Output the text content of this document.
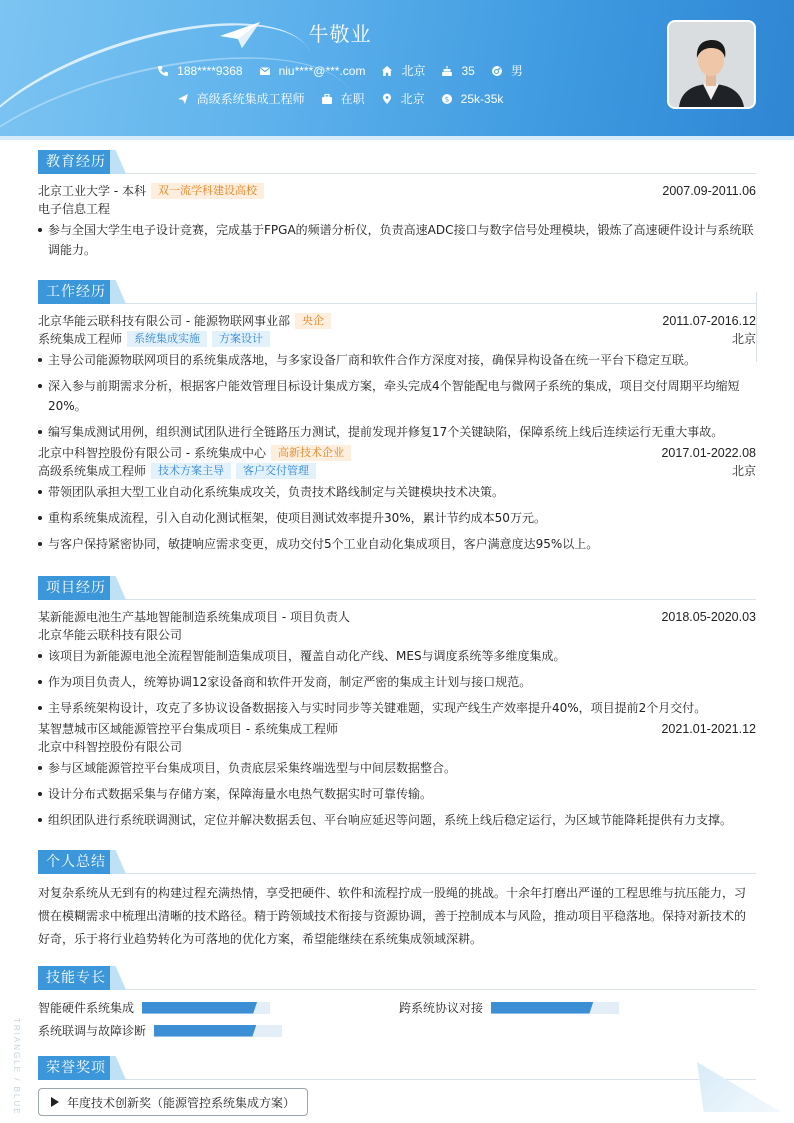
牛敬业
188****9368	niu****@***.com	北京	35	男
高级系统集成工程师	在职	北京	$ 25k-35k
教育经历
北京工业大学 - 本科	双一流学科建设高校	2007.09-2011.06
电子信息工程
参与全国大学生电子设计竞赛，完成基于FPGA的频谱分析仪，负责高速ADC接口与数字信号处理模块，锻炼了高速硬件设计与系统联调能力。
工作经历
北京华能云联科技有限公司 - 能源物联网事业部	央企	2011.07-2016.12
系统集成工程师	系统集成实施	方案设计	北京
主导公司能源物联网项目的系统集成落地，与多家设备厂商和软件合作方深度对接，确保异构设备在统一平台下稳定互联。
深入参与前期需求分析，根据客户能效管理目标设计集成方案，牵头完成4个智能配电与微网子系统的集成，项目交付周期平均缩短20%。
编写集成测试用例，组织测试团队进行全链路压力测试，提前发现并修复17个关键缺陷，保障系统上线后连续运行无重大事故。
北京中科智控股份有限公司 - 系统集成中心	高新技术企业	2017.01-2022.08
高级系统集成工程师	技术方案主导	客户交付管理	北京
带领团队承担大型工业自动化系统集成攻关，负责技术路线制定与关键模块技术决策。
重构系统集成流程，引入自动化测试框架，使项目测试效率提升30%，累计节约成本50万元。
与客户保持紧密协同，敏捷响应需求变更，成功交付5个工业自动化集成项目，客户满意度达95%以上。
项目经历
某新能源电池生产基地智能制造系统集成项目 - 项目负责人	2018.05-2020.03
北京华能云联科技有限公司
该项目为新能源电池全流程智能制造集成项目，覆盖自动化产线、MES与调度系统等多维度集成。
作为项目负责人，统筹协调12家设备商和软件开发商，制定严密的集成主计划与接口规范。
主导系统架构设计，攻克了多协议设备数据接入与实时同步等关键难题，实现产线生产效率提升40%，项目提前2个月交付。
某智慧城市区域能源管控平台集成项目 - 系统集成工程师	2021.01-2021.12
北京中科智控股份有限公司
参与区域能源管控平台集成项目，负责底层采集终端选型与中间层数据整合。
设计分布式数据采集与存储方案，保障海量水电热气数据实时可靠传输。
组织团队进行系统联调测试，定位并解决数据丢包、平台响应延迟等问题，系统上线后稳定运行，为区域节能降耗提供有力支撑。
个人总结

对复杂系统从无到有的构建过程充满热情，享受把硬件、软件和流程拧成一股绳的挑战。十余年打磨出严谨的工程思维与抗压能力，习惯在模糊需求中梳理出清晰的技术路径。精于跨领域技术衔接与资源协调，善于控制成本与风险，推动项目平稳落地。保持对新技术的好奇，乐于将行业趋势转化为可落地的优化方案，希望能继续在系统集成领域深耕。

技能专长
智能硬件系统集成	跨系统协议对接
系统联调与故障诊断
荣誉奖项
年度技术创新奖（能源管控系统集成方案）
TRIANGLE / BLUE
